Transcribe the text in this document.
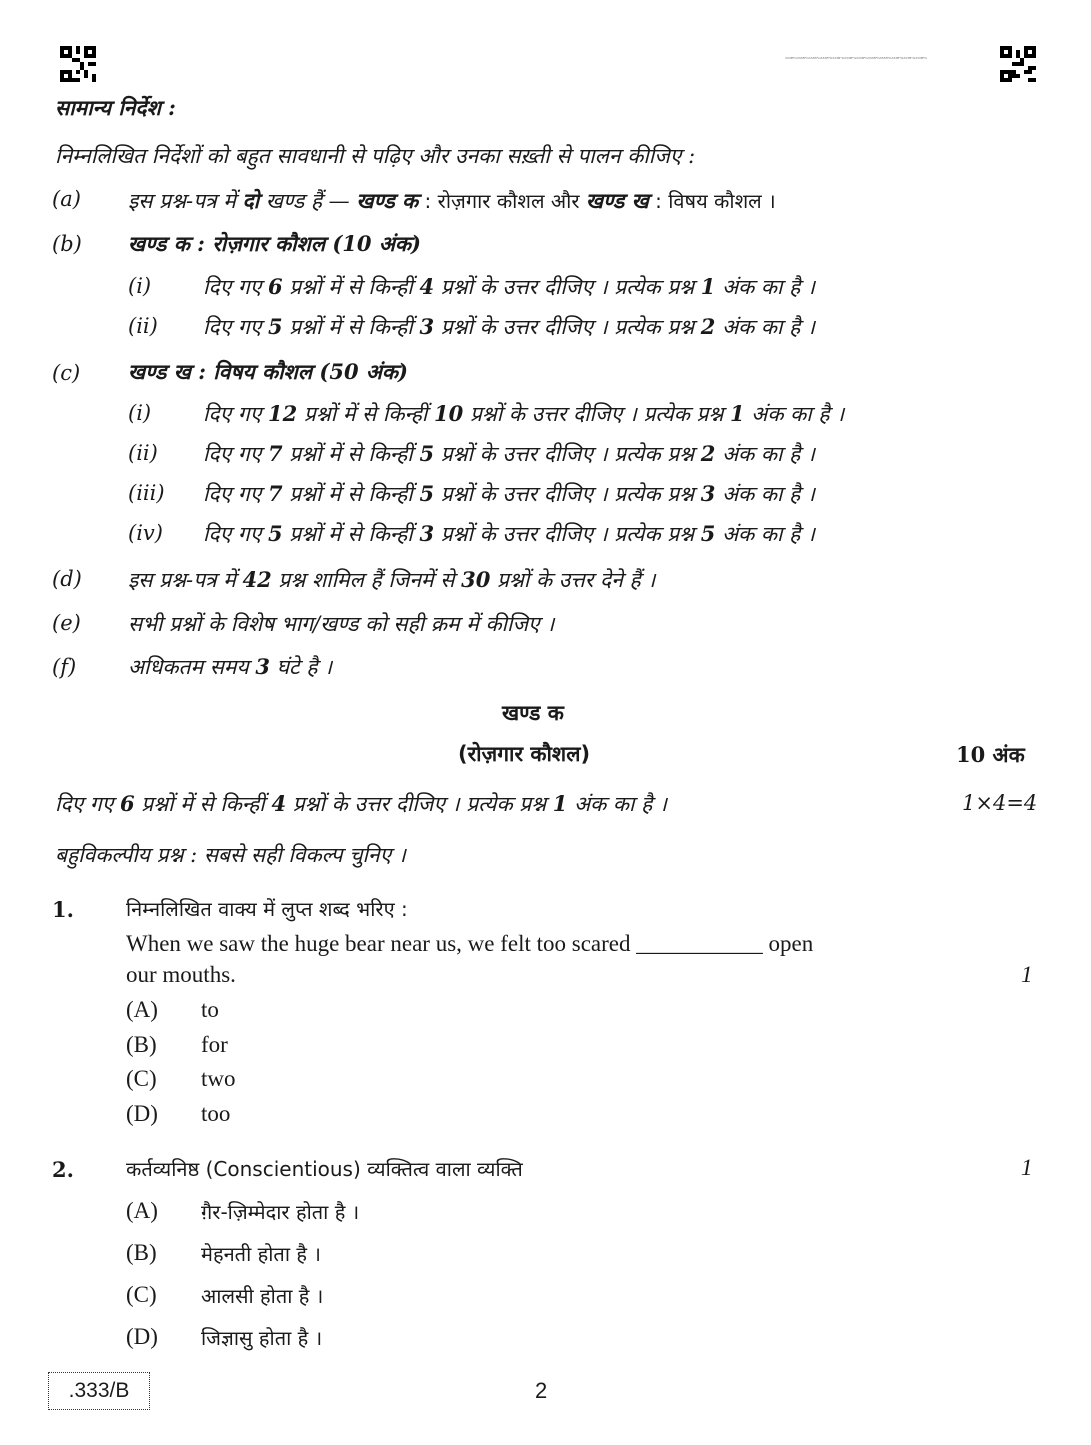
333B*G333B*G333B*G333B*G333B*G333B*G333B*G333B*G333B*G333B*G333B*G333B*G
सामान्य निर्देश :
निम्नलिखित निर्देशों को बहुत सावधानी से पढ़िए और उनका सख़्ती से पालन कीजिए :
(a) इस प्रश्न-पत्र में दो खण्ड हैं — खण्ड क : रोज़गार कौशल और खण्ड ख : विषय कौशल ।
(b) खण्ड क : रोज़गार कौशल (10 अंक)
(i) दिए गए 6 प्रश्नों में से किन्हीं 4 प्रश्नों के उत्तर दीजिए । प्रत्येक प्रश्न 1 अंक का है ।
(ii) दिए गए 5 प्रश्नों में से किन्हीं 3 प्रश्नों के उत्तर दीजिए । प्रत्येक प्रश्न 2 अंक का है ।
(c) खण्ड ख : विषय कौशल (50 अंक)
(i) दिए गए 12 प्रश्नों में से किन्हीं 10 प्रश्नों के उत्तर दीजिए । प्रत्येक प्रश्न 1 अंक का है ।
(ii) दिए गए 7 प्रश्नों में से किन्हीं 5 प्रश्नों के उत्तर दीजिए । प्रत्येक प्रश्न 2 अंक का है ।
(iii) दिए गए 7 प्रश्नों में से किन्हीं 5 प्रश्नों के उत्तर दीजिए । प्रत्येक प्रश्न 3 अंक का है ।
(iv) दिए गए 5 प्रश्नों में से किन्हीं 3 प्रश्नों के उत्तर दीजिए । प्रत्येक प्रश्न 5 अंक का है ।
(d) इस प्रश्न-पत्र में 42 प्रश्न शामिल हैं जिनमें से 30 प्रश्नों के उत्तर देने हैं ।
(e) सभी प्रश्नों के विशेष भाग/खण्ड को सही क्रम में कीजिए ।
(f) अधिकतम समय 3 घंटे है ।
खण्ड क
(रोज़गार कौशल)	10 अंक
दिए गए 6 प्रश्नों में से किन्हीं 4 प्रश्नों के उत्तर दीजिए । प्रत्येक प्रश्न 1 अंक का है ।	1×4=4
बहुविकल्पीय प्रश्न : सबसे सही विकल्प चुनिए ।
1.	निम्नलिखित वाक्य में लुप्त शब्द भरिए :
When we saw the huge bear near us, we felt too scared ___________ open
our mouths.	1
(A) to
(B) for
(C) two
(D) too
2.	कर्तव्यनिष्ठ (Conscientious) व्यक्तित्व वाला व्यक्ति	1
(A) ग़ैर-ज़िम्मेदार होता है ।
(B) मेहनती होता है ।
(C) आलसी होता है ।
(D) जिज्ञासु होता है ।
.333/B	2
